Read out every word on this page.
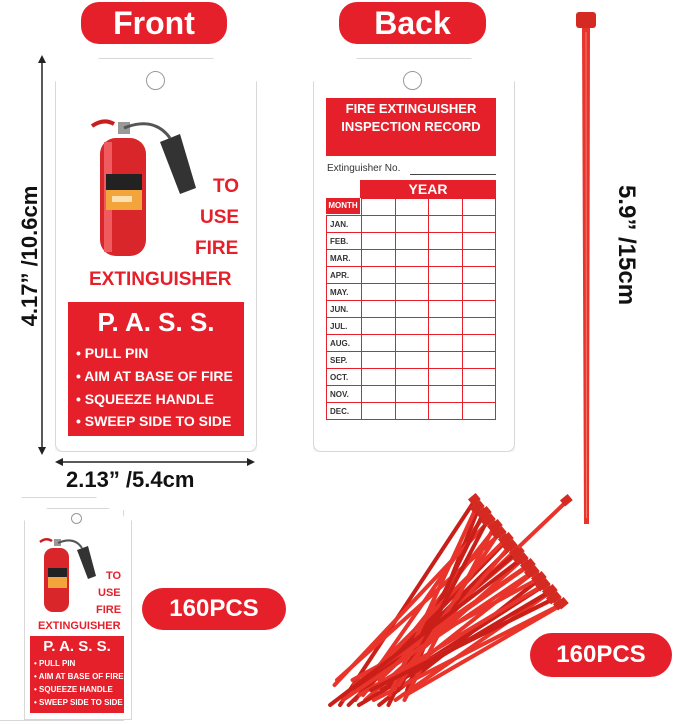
Front	Back
4.17” /10.6cm
2.13” /5.4cm
TO
USE
FIRE
EXTINGUISHER
P. A. S. S.
• PULL PIN
• AIM AT BASE OF FIRE
• SQUEEZE HANDLE
• SWEEP SIDE TO SIDE
FIRE EXTINGUISHER INSPECTION RECORD
Extinguisher No.
YEAR
MONTH

JAN.				
FEB.				
MAR.				
APR.				
MAY.				
JUN.				
JUL.				
AUG.				
SEP.				
OCT.				
NOV.				
DEC.				
5.9” /15cm
TO
USE
FIRE
EXTINGUISHER
P. A. S. S.
• PULL PIN
• AIM AT BASE OF FIRE
• SQUEEZE HANDLE
• SWEEP SIDE TO SIDE
160PCS
160PCS
